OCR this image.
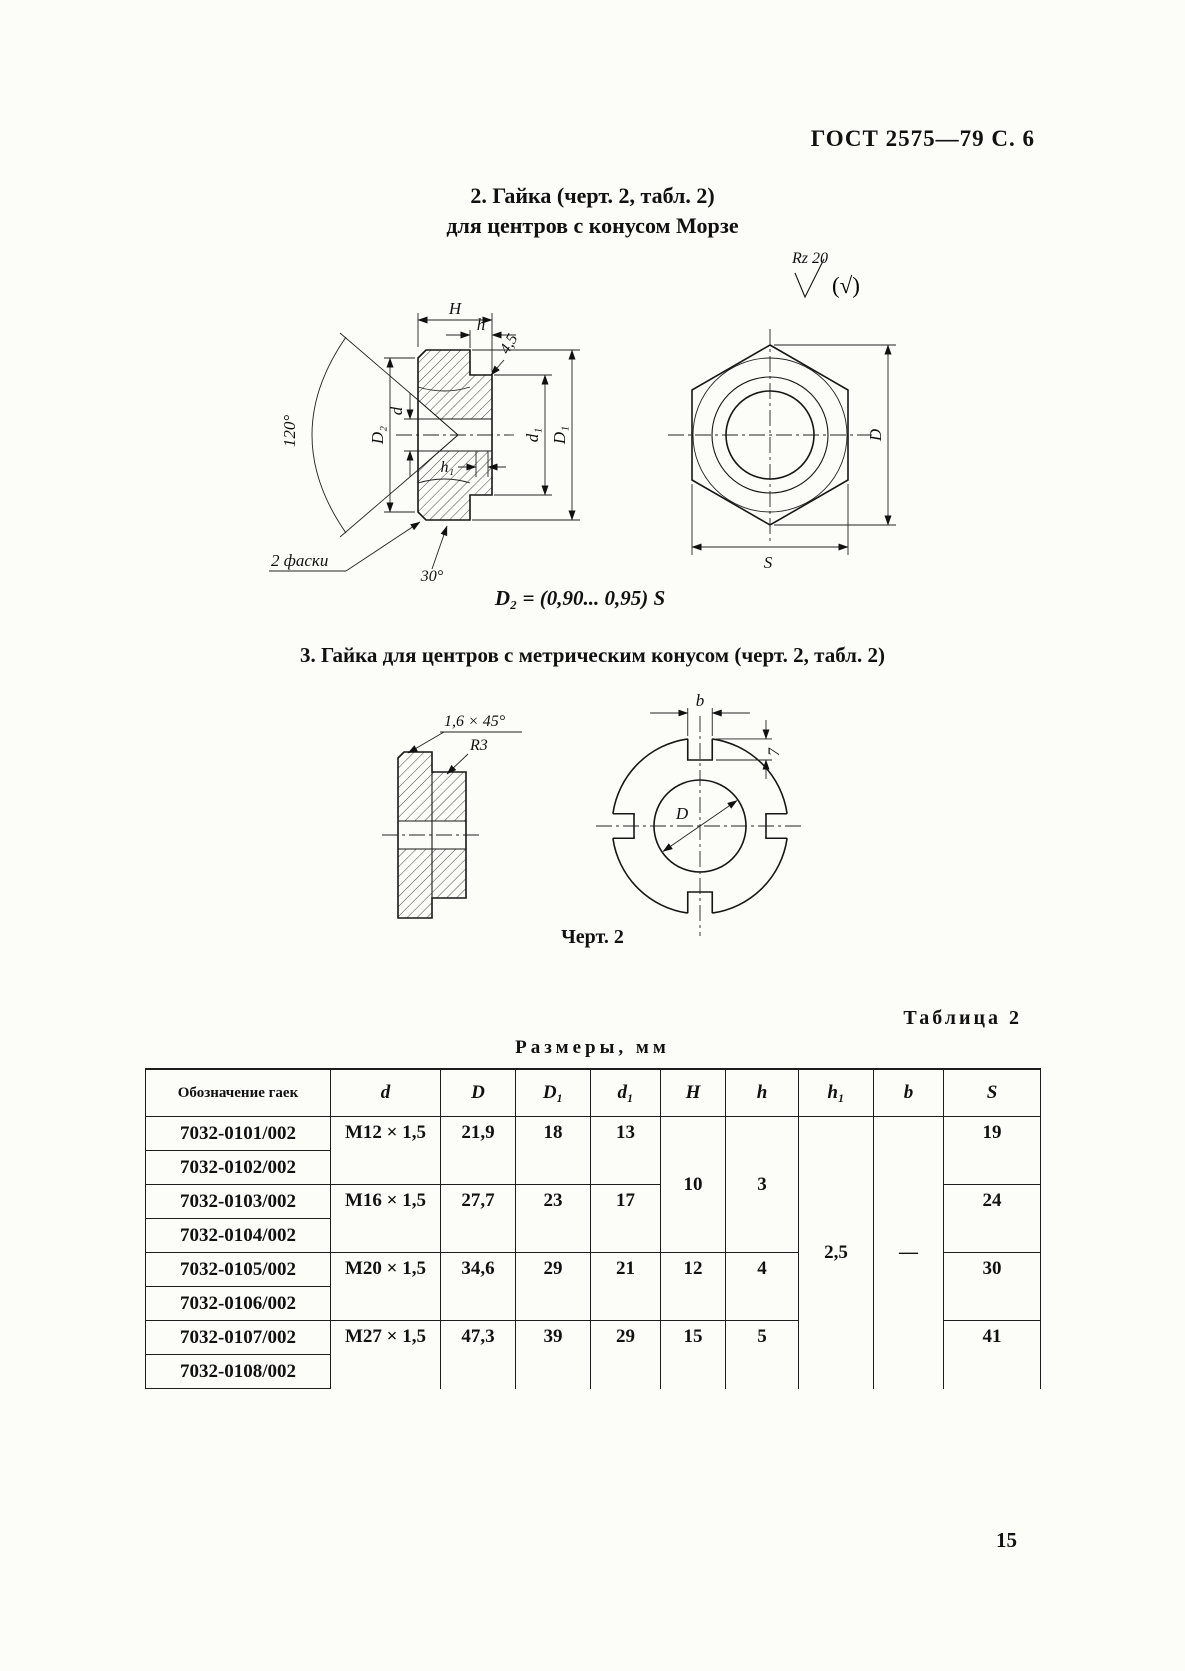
ГОСТ 2575—79 С. 6
2. Гайка (черт. 2, табл. 2)
для центров с конусом Морзе
H
h
4,5
D₂
d
h₁
d₁ D₁
120°
30°
2 фаски
D
S
Rz 20
(√)
D₂ = (0,90... 0,95) S
3. Гайка для центров с метрическим конусом (черт. 2, табл. 2)
1,6 × 45°
R3
b
7
D
Черт. 2
Таблица 2
Размеры, мм
Обозначение гаек	d	D	D₁	d₁	H	h	h₁	b	S
7032-0101/002	M12 × 1,5	21,9	18	13	10	3	2,5	—	19
7032-0102/002									
7032-0103/002	M16 × 1,5	27,7	23	17					24
7032-0104/002									
7032-0105/002	M20 × 1,5	34,6	29	21	12	4			30
7032-0106/002									
7032-0107/002	M27 × 1,5	47,3	39	29	15	5			41
7032-0108/002									
15
